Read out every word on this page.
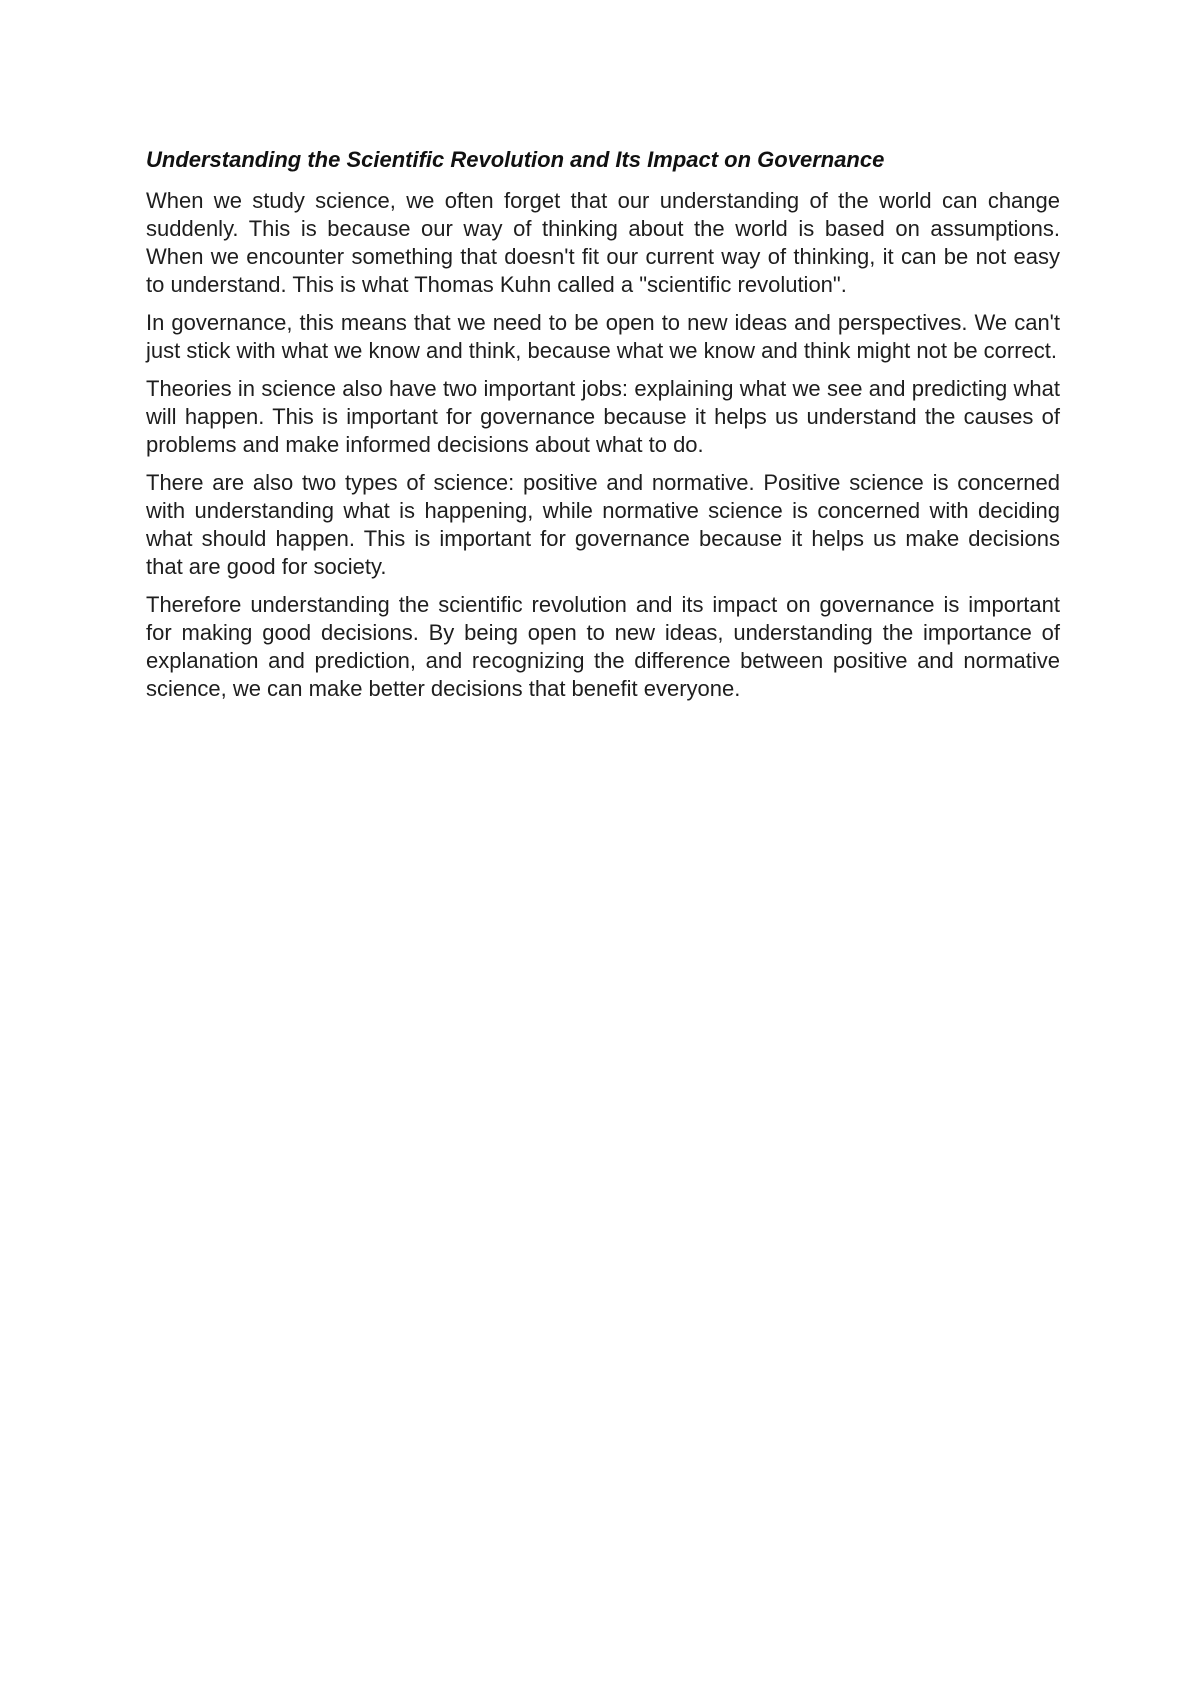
Understanding the Scientific Revolution and Its Impact on Governance

When we study science, we often forget that our understanding of the world can change suddenly. This is because our way of thinking about the world is based on assumptions. When we encounter something that doesn't fit our current way of thinking, it can be not easy to understand. This is what Thomas Kuhn called a "scientific revolution".

In governance, this means that we need to be open to new ideas and perspectives. We can't just stick with what we know and think, because what we know and think might not be correct.

Theories in science also have two important jobs: explaining what we see and predicting what will happen. This is important for governance because it helps us understand the causes of problems and make informed decisions about what to do.

There are also two types of science: positive and normative. Positive science is concerned with understanding what is happening, while normative science is concerned with deciding what should happen. This is important for governance because it helps us make decisions that are good for society.

Therefore understanding the scientific revolution and its impact on governance is important for making good decisions. By being open to new ideas, understanding the importance of explanation and prediction, and recognizing the difference between positive and normative science, we can make better decisions that benefit everyone.
